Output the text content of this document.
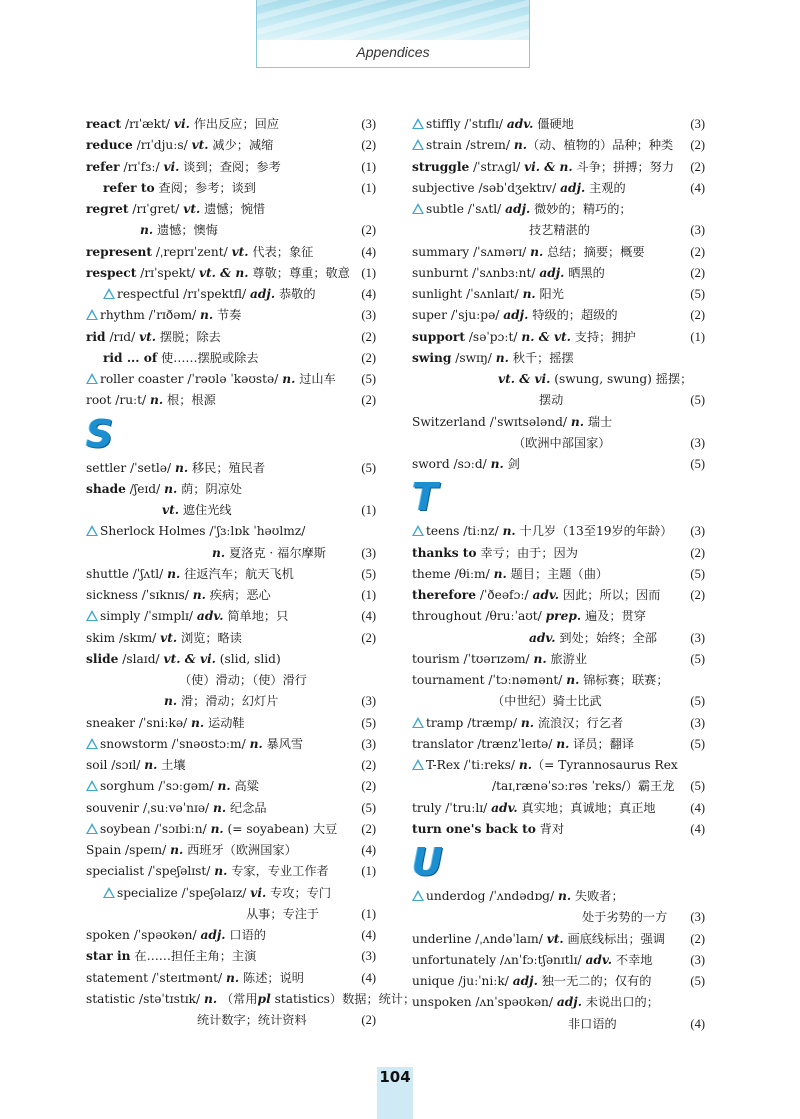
Appendices
react /rɪˈækt/ vi. 作出反应；回应	(3)
reduce /rɪˈdjuːs/ vt. 减少；减缩	(2)
refer /rɪˈfɜː/ vi. 谈到；查阅；参考	(1)
refer to 查阅；参考；谈到	(1)
regret /rɪˈgret/ vt. 遗憾；惋惜
n. 遗憾；懊悔	(2)
represent /ˌreprɪˈzent/ vt. 代表；象征	(4)
respect /rɪˈspekt/ vt. & n. 尊敬；尊重；敬意 (1)
respectful /rɪˈspektfl/ adj. 恭敬的	(4)
rhythm /ˈrɪðəm/ n. 节奏	(3)
rid /rɪd/ vt. 摆脱；除去	(2)
rid ... of 使……摆脱或除去	(2)
roller coaster /ˈrəʊlə ˈkəʊstə/ n. 过山车 (5)
root /ruːt/ n. 根；根源	(2)
S
settler /ˈsetlə/ n. 移民；殖民者	(5)
shade /ʃeɪd/ n. 荫；阴凉处
vt. 遮住光线	(1)
Sherlock Holmes /ˈʃɜːlɒk ˈhəʊlmz/
n. 夏洛克 · 福尔摩斯	(3)
shuttle /ˈʃʌtl/ n. 往返汽车；航天飞机	(5)
sickness /ˈsɪknɪs/ n. 疾病；恶心	(1)
simply /ˈsɪmplɪ/ adv. 简单地；只	(4)
skim /skɪm/ vt. 浏览；略读	(2)
slide /slaɪd/ vt. & vi. (slid, slid)
（使）滑动；（使）滑行
n. 滑；滑动；幻灯片	(3)
sneaker /ˈsniːkə/ n. 运动鞋	(5)
snowstorm /ˈsnəʊstɔːm/ n. 暴风雪	(3)
soil /sɔɪl/ n. 土壤	(2)
sorghum /ˈsɔːgəm/ n. 高粱	(2)
souvenir /ˌsuːvəˈnɪə/ n. 纪念品	(5)
soybean /ˈsɔɪbiːn/ n. (= soyabean) 大豆 (2)
Spain /speɪn/ n. 西班牙（欧洲国家）	(4)
specialist /ˈspeʃəlɪst/ n. 专家，专业工作者	(1)
specialize /ˈspeʃəlaɪz/ vi. 专攻；专门
从事；专注于	(1)
spoken /ˈspəʊkən/ adj. 口语的	(4)
star in 在……担任主角；主演	(3)
statement /ˈsteɪtmənt/ n. 陈述；说明	(4)
statistic /stəˈtɪstɪk/ n. （常用pl statistics）数据；统计；
统计数字；统计资料	(2)
stiffly /ˈstɪflɪ/ adv. 僵硬地	(3)
strain /streɪn/ n.（动、植物的）品种；种类 (2)
struggle /ˈstrʌgl/ vi. & n. 斗争；拼搏；努力 (2)
subjective /səbˈdʒektɪv/ adj. 主观的	(4)
subtle /ˈsʌtl/ adj. 微妙的；精巧的；
技艺精湛的	(3)
summary /ˈsʌmərɪ/ n. 总结；摘要；概要	(2)
sunburnt /ˈsʌnbɜːnt/ adj. 晒黑的	(2)
sunlight /ˈsʌnlaɪt/ n. 阳光	(5)
super /ˈsjuːpə/ adj. 特级的；超级的	(2)
support /səˈpɔːt/ n. & vt. 支持；拥护	(1)
swing /swɪŋ/ n. 秋千；摇摆
vt. & vi. (swung, swung) 摇摆；
摆动	(5)
Switzerland /ˈswɪtsələnd/ n. 瑞士
（欧洲中部国家）	(3)
sword /sɔːd/ n. 剑	(5)
T
teens /tiːnz/ n. 十几岁（13至19岁的年龄） (3)
thanks to 幸亏；由于；因为	(2)
theme /θiːm/ n. 题目；主题（曲）	(5)
therefore /ˈðeəfɔː/ adv. 因此；所以；因而 (2)
throughout /θruːˈaʊt/ prep. 遍及；贯穿
adv. 到处；始终；全部	(3)
tourism /ˈtʊərɪzəm/ n. 旅游业	(5)
tournament /ˈtɔːnəmənt/ n. 锦标赛；联赛；
（中世纪）骑士比武	(5)
tramp /træmp/ n. 流浪汉；行乞者	(3)
translator /trænzˈleɪtə/ n. 译员；翻译	(5)
T-Rex /ˈtiːreks/ n.（= Tyrannosaurus Rex
/taɪˌrænəˈsɔːrəs ˈreks/）霸王龙 (5)
truly /ˈtruːlɪ/ adv. 真实地；真诚地；真正地	(4)
turn one's back to 背对	(4)
U
underdog /ˈʌndədɒg/ n. 失败者；
处于劣势的一方 (3)
underline /ˌʌndəˈlaɪn/ vt. 画底线标出；强调 (2)
unfortunately /ʌnˈfɔːtʃənɪtlɪ/ adv. 不幸地	(3)
unique /juːˈniːk/ adj. 独一无二的；仅有的	(5)
unspoken /ʌnˈspəʊkən/ adj. 未说出口的；
非口语的	(4)
104
